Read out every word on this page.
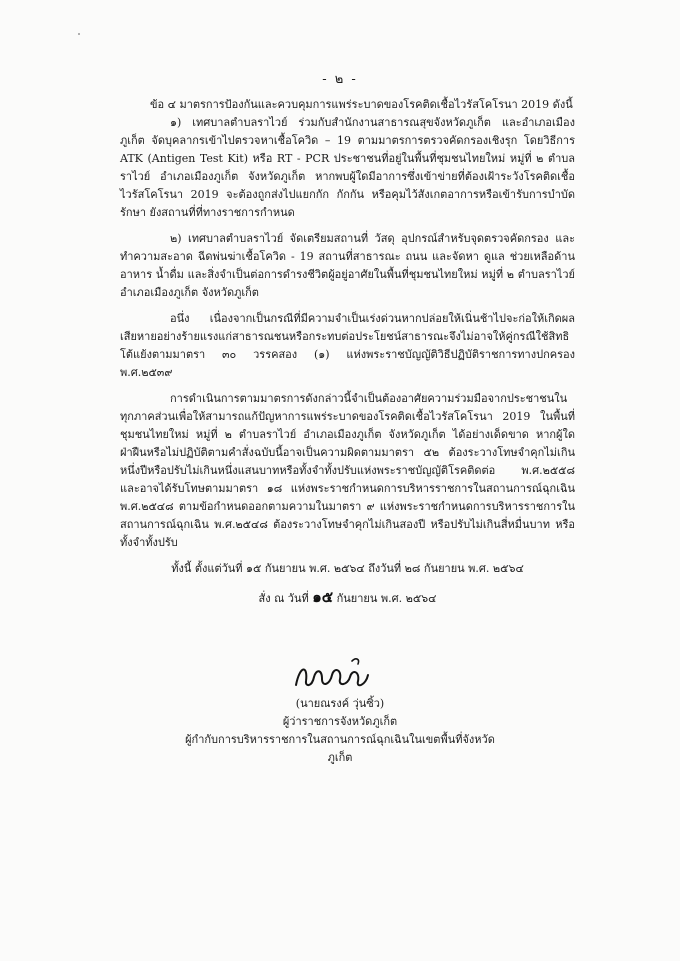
- ๒ -

ข้อ ๔ มาตรการป้องกันและควบคุมการแพร่ระบาดของโรคติดเชื้อไวรัสโคโรนา 2019 ดังนี้

๑) เทศบาลตำบลราไวย์ ร่วมกับสำนักงานสาธารณสุขจังหวัดภูเก็ต และอำเภอเมืองภูเก็ต จัดบุคลากรเข้าไปตรวจหาเชื้อโควิด – 19 ตามมาตรการตรวจคัดกรองเชิงรุก โดยวิธีการ ATK (Antigen Test Kit) หรือ RT - PCR ประชาชนที่อยู่ในพื้นที่ชุมชนไทยใหม่ หมู่ที่ ๒ ตำบลราไวย์ อำเภอเมืองภูเก็ต จังหวัดภูเก็ต หากพบผู้ใดมีอาการซึ่งเข้าข่ายที่ต้องเฝ้าระวังโรคติดเชื้อไวรัสโคโรนา 2019 จะต้องถูกส่งไปแยกกัก กักกัน หรือคุมไว้สังเกตอาการหรือเข้ารับการบำบัดรักษา ยังสถานที่ที่ทางราชการกำหนด

๒) เทศบาลตำบลราไวย์ จัดเตรียมสถานที่ วัสดุ อุปกรณ์สำหรับจุดตรวจคัดกรอง และทำความสะอาด ฉีดพ่นฆ่าเชื้อโควิด - 19 สถานที่สาธารณะ ถนน และจัดหา ดูแล ช่วยเหลือด้านอาหาร น้ำดื่ม และสิ่งจำเป็นต่อการดำรงชีวิตผู้อยู่อาศัยในพื้นที่ชุมชนไทยใหม่ หมู่ที่ ๒ ตำบลราไวย์ อำเภอเมืองภูเก็ต จังหวัดภูเก็ต

อนึ่ง เนื่องจากเป็นกรณีที่มีความจำเป็นเร่งด่วนหากปล่อยให้เนิ่นช้าไปจะก่อให้เกิดผลเสียหายอย่างร้ายแรงแก่สาธารณชนหรือกระทบต่อประโยชน์สาธารณะจึงไม่อาจให้คู่กรณีใช้สิทธิโต้แย้งตามมาตรา ๓๐ วรรคสอง (๑) แห่งพระราชบัญญัติวิธีปฏิบัติราชการทางปกครอง พ.ศ.๒๕๓๙

การดำเนินการตามมาตรการดังกล่าวนี้จำเป็นต้องอาศัยความร่วมมือจากประชาชนในทุกภาคส่วนเพื่อให้สามารถแก้ปัญหาการแพร่ระบาดของโรคติดเชื้อไวรัสโคโรนา 2019 ในพื้นที่ชุมชนไทยใหม่ หมู่ที่ ๒ ตำบลราไวย์ อำเภอเมืองภูเก็ต จังหวัดภูเก็ต ได้อย่างเด็ดขาด หากผู้ใดฝ่าฝืนหรือไม่ปฏิบัติตามคำสั่งฉบับนี้อาจเป็นความผิดตามมาตรา ๕๒ ต้องระวางโทษจำคุกไม่เกินหนึ่งปีหรือปรับไม่เกินหนึ่งแสนบาทหรือทั้งจำทั้งปรับแห่งพระราชบัญญัติโรคติดต่อ พ.ศ.๒๕๕๘ และอาจได้รับโทษตามมาตรา ๑๘ แห่งพระราชกำหนดการบริหารราชการในสถานการณ์ฉุกเฉิน พ.ศ.๒๕๔๘ ตามข้อกำหนดออกตามความในมาตรา ๙ แห่งพระราชกำหนดการบริหารราชการในสถานการณ์ฉุกเฉิน พ.ศ.๒๕๔๘ ต้องระวางโทษจำคุกไม่เกินสองปี หรือปรับไม่เกินสี่หมื่นบาท หรือทั้งจำทั้งปรับ

ทั้งนี้ ตั้งแต่วันที่ ๑๕ กันยายน พ.ศ. ๒๕๖๔ ถึงวันที่ ๒๘ กันยายน พ.ศ. ๒๕๖๔

สั่ง ณ วันที่ ๑๕ กันยายน พ.ศ. ๒๕๖๔

(นายณรงค์ วุ่นซิ้ว)
ผู้ว่าราชการจังหวัดภูเก็ต
ผู้กำกับการบริหารราชการในสถานการณ์ฉุกเฉินในเขตพื้นที่จังหวัดภูเก็ต
